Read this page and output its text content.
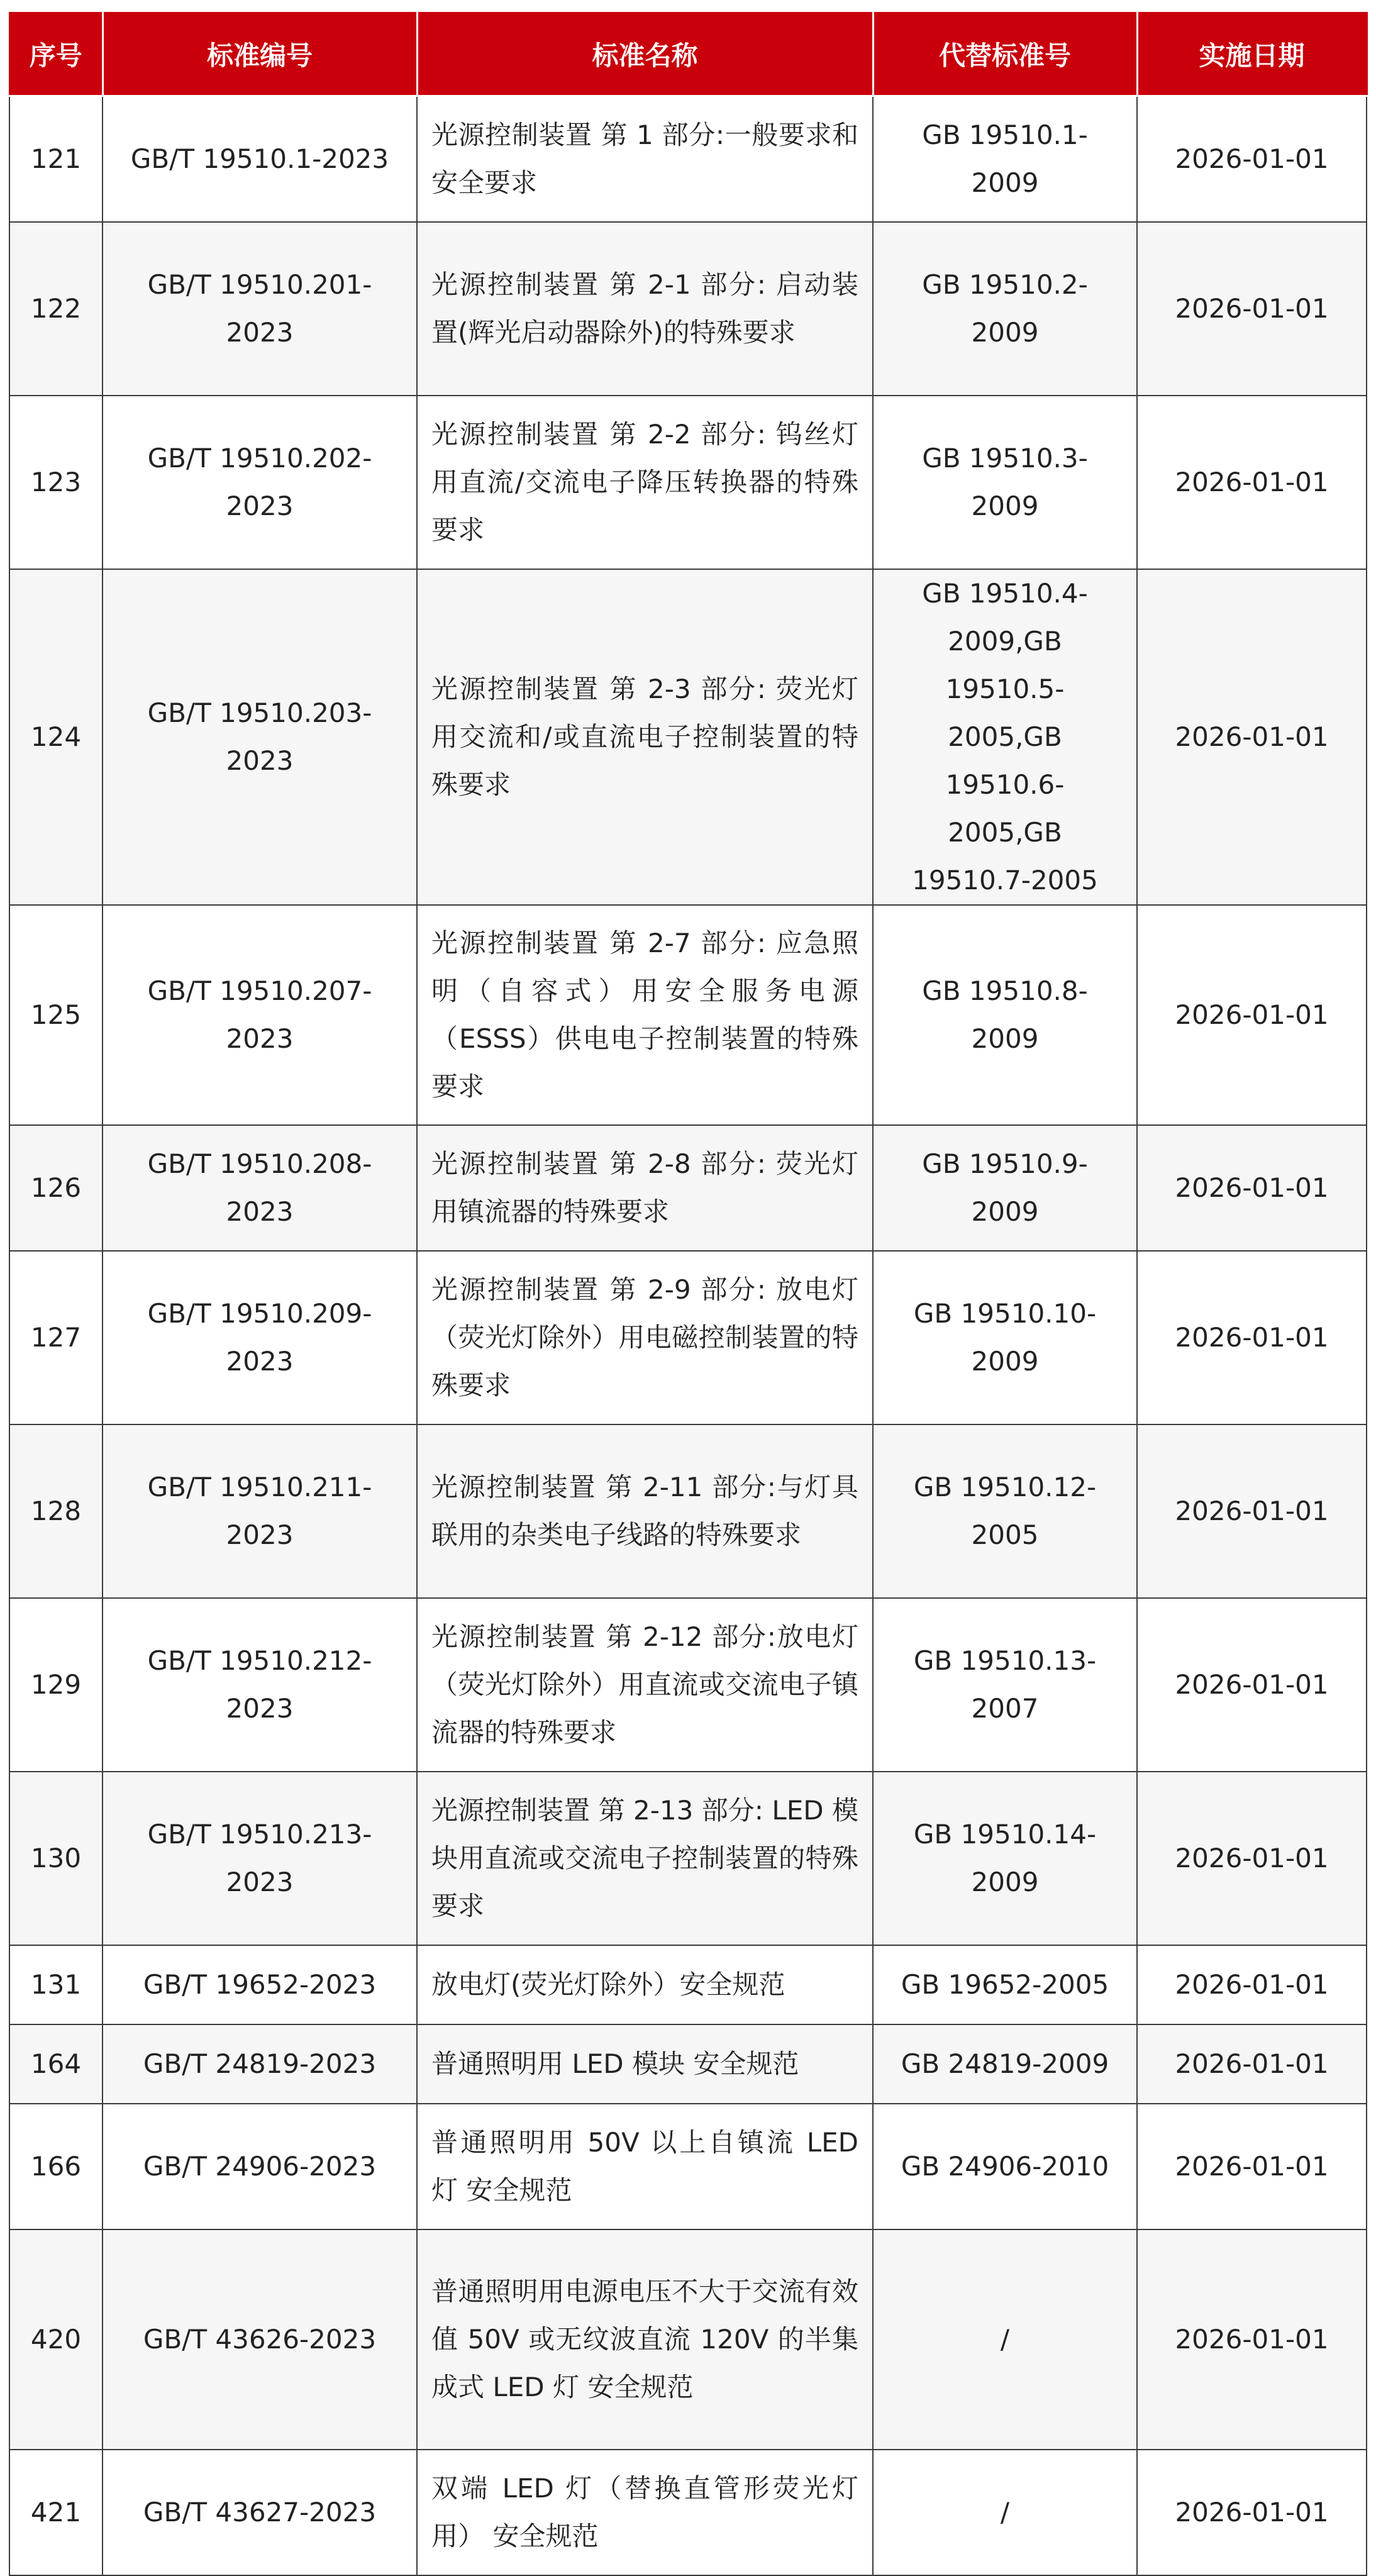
序号	标准编号	标准名称	代替标准号	实施日期
121	GB/T 19510.1-2023	光源控制装置 第 1 部分:一般要求和安全要求	GB 19510.1-2009	2026-01-01
122	GB/T 19510.201-2023	光源控制装置 第 2-1 部分: 启动装置(辉光启动器除外)的特殊要求	GB 19510.2-2009	2026-01-01
123	GB/T 19510.202-2023	光源控制装置 第 2-2 部分: 钨丝灯用直流/交流电子降压转换器的特殊要求	GB 19510.3-2009	2026-01-01
124	GB/T 19510.203-2023	光源控制装置 第 2-3 部分: 荧光灯用交流和/或直流电子控制装置的特殊要求	GB 19510.4-2009,GB 19510.5-2005,GB 19510.6-2005,GB 19510.7-2005	2026-01-01
125	GB/T 19510.207-2023	光源控制装置 第 2-7 部分: 应急照明（自容式）用安全服务电源（ESSS）供电电子控制装置的特殊要求	GB 19510.8-2009	2026-01-01
126	GB/T 19510.208-2023	光源控制装置 第 2-8 部分: 荧光灯用镇流器的特殊要求	GB 19510.9-2009	2026-01-01
127	GB/T 19510.209-2023	光源控制装置 第 2-9 部分: 放电灯（荧光灯除外）用电磁控制装置的特殊要求	GB 19510.10-2009	2026-01-01
128	GB/T 19510.211-2023	光源控制装置 第 2-11 部分:与灯具联用的杂类电子线路的特殊要求	GB 19510.12-2005	2026-01-01
129	GB/T 19510.212-2023	光源控制装置 第 2-12 部分:放电灯（荧光灯除外）用直流或交流电子镇流器的特殊要求	GB 19510.13-2007	2026-01-01
130	GB/T 19510.213-2023	光源控制装置 第 2-13 部分: LED 模块用直流或交流电子控制装置的特殊要求	GB 19510.14-2009	2026-01-01
131	GB/T 19652-2023	放电灯(荧光灯除外）安全规范	GB 19652-2005	2026-01-01
164	GB/T 24819-2023	普通照明用 LED 模块 安全规范	GB 24819-2009	2026-01-01
166	GB/T 24906-2023	普通照明用 50V 以上自镇流 LED 灯 安全规范	GB 24906-2010	2026-01-01
420	GB/T 43626-2023	普通照明用电源电压不大于交流有效值 50V 或无纹波直流 120V 的半集成式 LED 灯 安全规范	/	2026-01-01
421	GB/T 43627-2023	双端 LED 灯（替换直管形荧光灯用） 安全规范	/	2026-01-01
